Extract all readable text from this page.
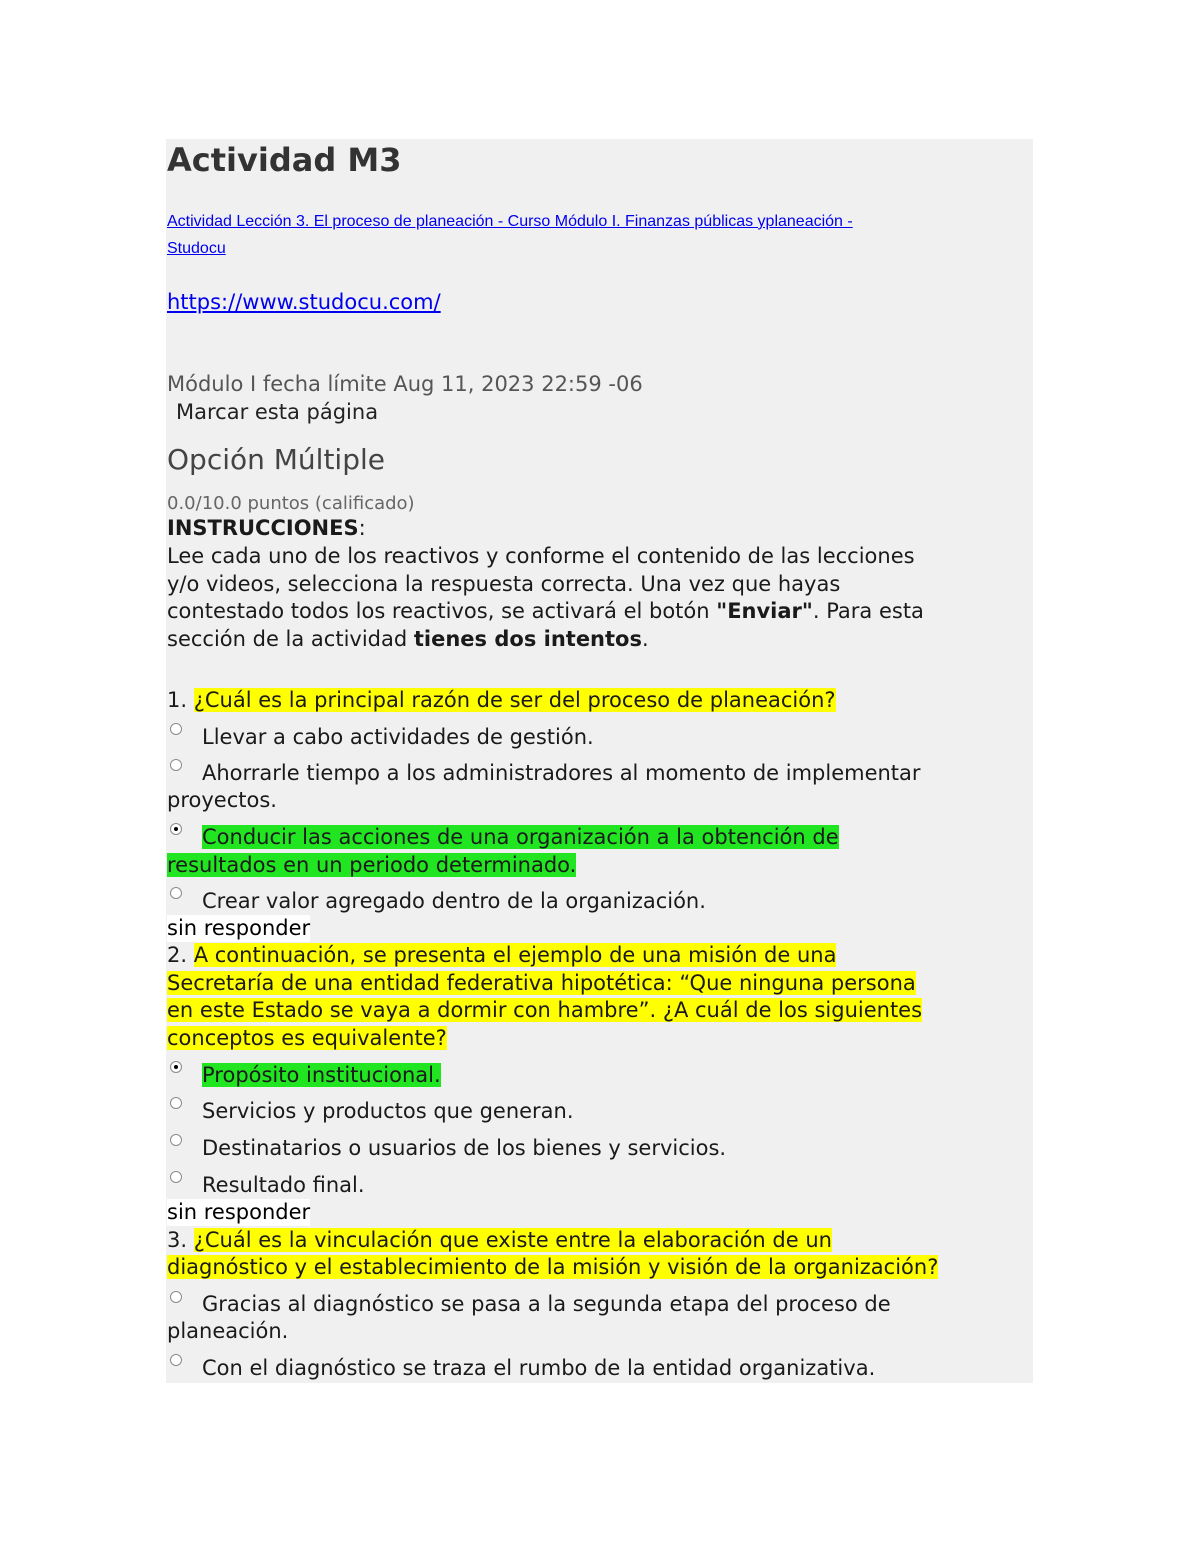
Actividad M3
Actividad Lección 3. El proceso de planeación - Curso Módulo I. Finanzas públicas yplaneación -
Studocu
https://www.studocu.com/
Módulo I fecha límite Aug 11, 2023 22:59 -06
Marcar esta página
Opción Múltiple
0.0/10.0 puntos (calificado)
INSTRUCCIONES:
Lee cada uno de los reactivos y conforme el contenido de las lecciones
y/o videos, selecciona la respuesta correcta. Una vez que hayas
contestado todos los reactivos, se activará el botón "Enviar". Para esta
sección de la actividad tienes dos intentos.
1. ¿Cuál es la principal razón de ser del proceso de planeación?
Llevar a cabo actividades de gestión.
Ahorrarle tiempo a los administradores al momento de implementar
proyectos.
Conducir las acciones de una organización a la obtención de
resultados en un periodo determinado.
Crear valor agregado dentro de la organización.
sin responder
2. A continuación, se presenta el ejemplo de una misión de una
Secretaría de una entidad federativa hipotética: “Que ninguna persona
en este Estado se vaya a dormir con hambre”. ¿A cuál de los siguientes
conceptos es equivalente?
Propósito institucional.
Servicios y productos que generan.
Destinatarios o usuarios de los bienes y servicios.
Resultado final.
sin responder
3. ¿Cuál es la vinculación que existe entre la elaboración de un
diagnóstico y el establecimiento de la misión y visión de la organización?
Gracias al diagnóstico se pasa a la segunda etapa del proceso de
planeación.
Con el diagnóstico se traza el rumbo de la entidad organizativa.
